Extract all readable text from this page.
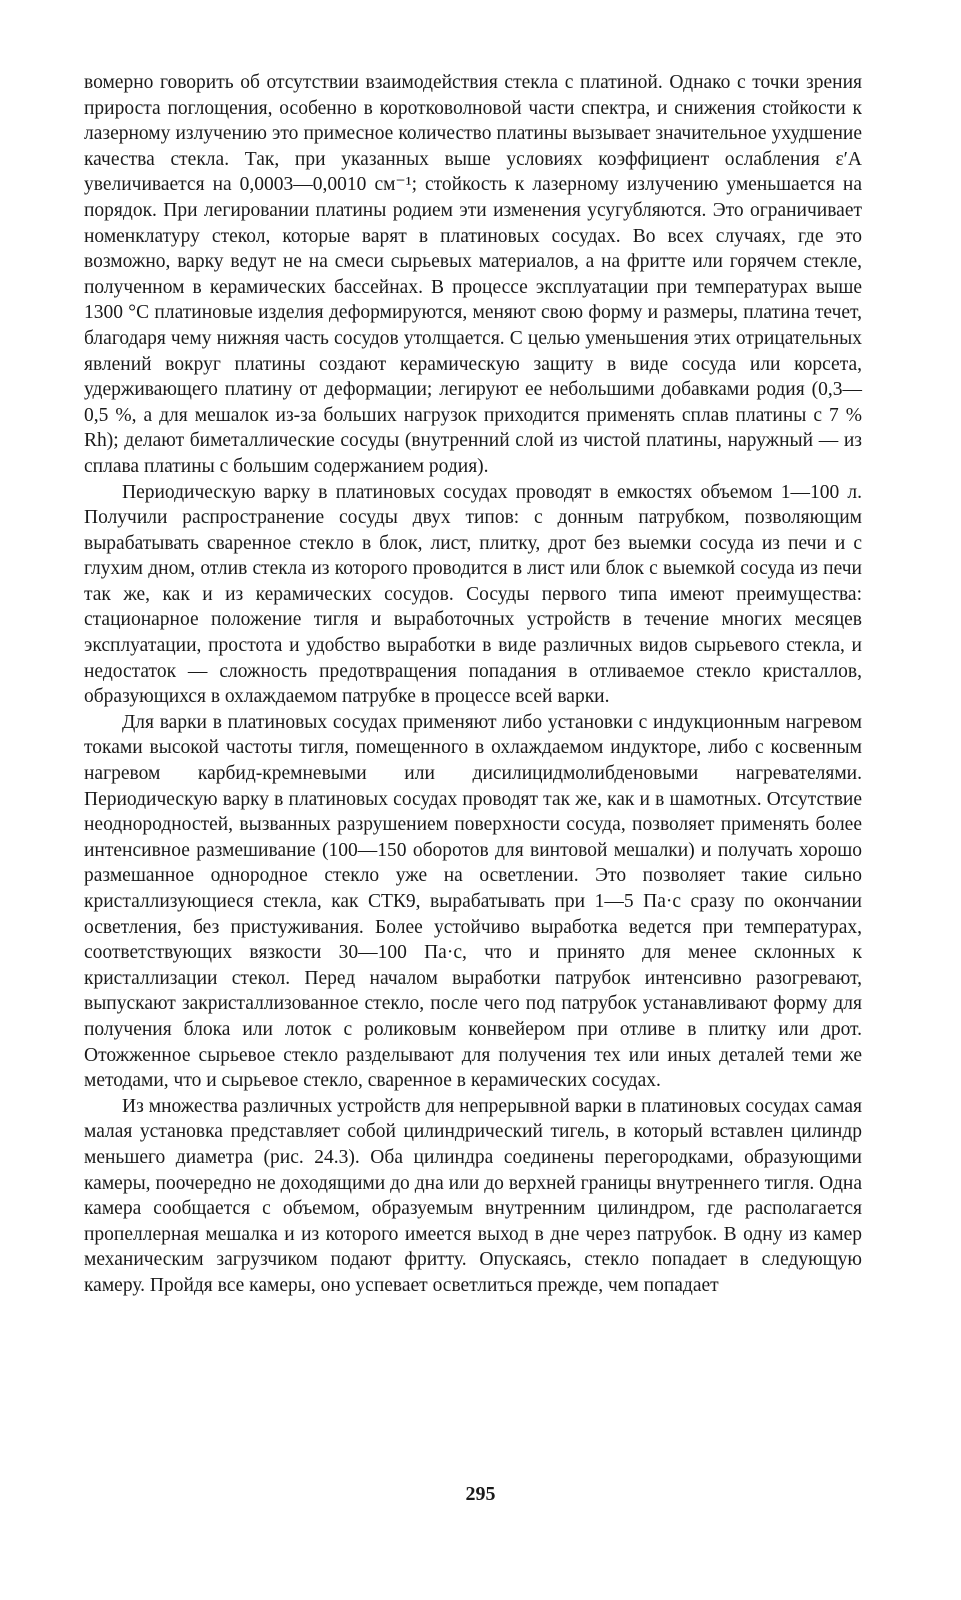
вомерно говорить об отсутствии взаимодействия стекла с платиной. Однако с точки зрения прироста поглощения, особенно в коротковолновой части спектра, и снижения стойкости к лазерному излучению это примесное количество платины вызывает значительное ухудшение качества стекла. Так, при указанных выше условиях коэффициент ослабления ε′A увеличивается на 0,0003—0,0010 см⁻¹; стойкость к лазерному излучению уменьшается на порядок. При легировании платины родием эти изменения усугубляются. Это ограничивает номенклатуру стекол, которые варят в платиновых сосудах. Во всех случаях, где это возможно, варку ведут не на смеси сырьевых материалов, а на фритте или горячем стекле, полученном в керамических бассейнах. В процессе эксплуатации при температурах выше 1300 °C платиновые изделия деформируются, меняют свою форму и размеры, платина течет, благодаря чему нижняя часть сосудов утолщается. С целью уменьшения этих отрицательных явлений вокруг платины создают керамическую защиту в виде сосуда или корсета, удерживающего платину от деформации; легируют ее небольшими добавками родия (0,3—0,5 %, а для мешалок из-за больших нагрузок приходится применять сплав платины с 7 % Rh); делают биметаллические сосуды (внутренний слой из чистой платины, наружный — из сплава платины с большим содержанием родия).

Периодическую варку в платиновых сосудах проводят в емкостях объемом 1—100 л. Получили распространение сосуды двух типов: с донным патрубком, позволяющим вырабатывать сваренное стекло в блок, лист, плитку, дрот без выемки сосуда из печи и с глухим дном, отлив стекла из которого проводится в лист или блок с выемкой сосуда из печи так же, как и из керамических сосудов. Сосуды первого типа имеют преимущества: стационарное положение тигля и выработочных устройств в течение многих месяцев эксплуатации, простота и удобство выработки в виде различных видов сырьевого стекла, и недостаток — сложность предотвращения попадания в отливаемое стекло кристаллов, образующихся в охлаждаемом патрубке в процессе всей варки.

Для варки в платиновых сосудах применяют либо установки с индукционным нагревом токами высокой частоты тигля, помещенного в охлаждаемом индукторе, либо с косвенным нагревом карбид-кремневыми или дисилицидмолибденовыми нагревателями. Периодическую варку в платиновых сосудах проводят так же, как и в шамотных. Отсутствие неоднородностей, вызванных разрушением поверхности сосуда, позволяет применять более интенсивное размешивание (100—150 оборотов для винтовой мешалки) и получать хорошо размешанное однородное стекло уже на осветлении. Это позволяет такие сильно кристаллизующиеся стекла, как СТК9, вырабатывать при 1—5 Па·с сразу по окончании осветления, без пристуживания. Более устойчиво выработка ведется при температурах, соответствующих вязкости 30—100 Па·с, что и принято для менее склонных к кристаллизации стекол. Перед началом выработки патрубок интенсивно разогревают, выпускают закристаллизованное стекло, после чего под патрубок устанавливают форму для получения блока или лоток с роликовым конвейером при отливе в плитку или дрот. Отожженное сырьевое стекло разделывают для получения тех или иных деталей теми же методами, что и сырьевое стекло, сваренное в керамических сосудах.

Из множества различных устройств для непрерывной варки в платиновых сосудах самая малая установка представляет собой цилиндрический тигель, в который вставлен цилиндр меньшего диаметра (рис. 24.3). Оба цилиндра соединены перегородками, образующими камеры, поочередно не доходящими до дна или до верхней границы внутреннего тигля. Одна камера сообщается с объемом, образуемым внутренним цилиндром, где располагается пропеллерная мешалка и из которого имеется выход в дне через патрубок. В одну из камер механическим загрузчиком подают фритту. Опускаясь, стекло попадает в следующую камеру. Пройдя все камеры, оно успевает осветлиться прежде, чем попадает

295
